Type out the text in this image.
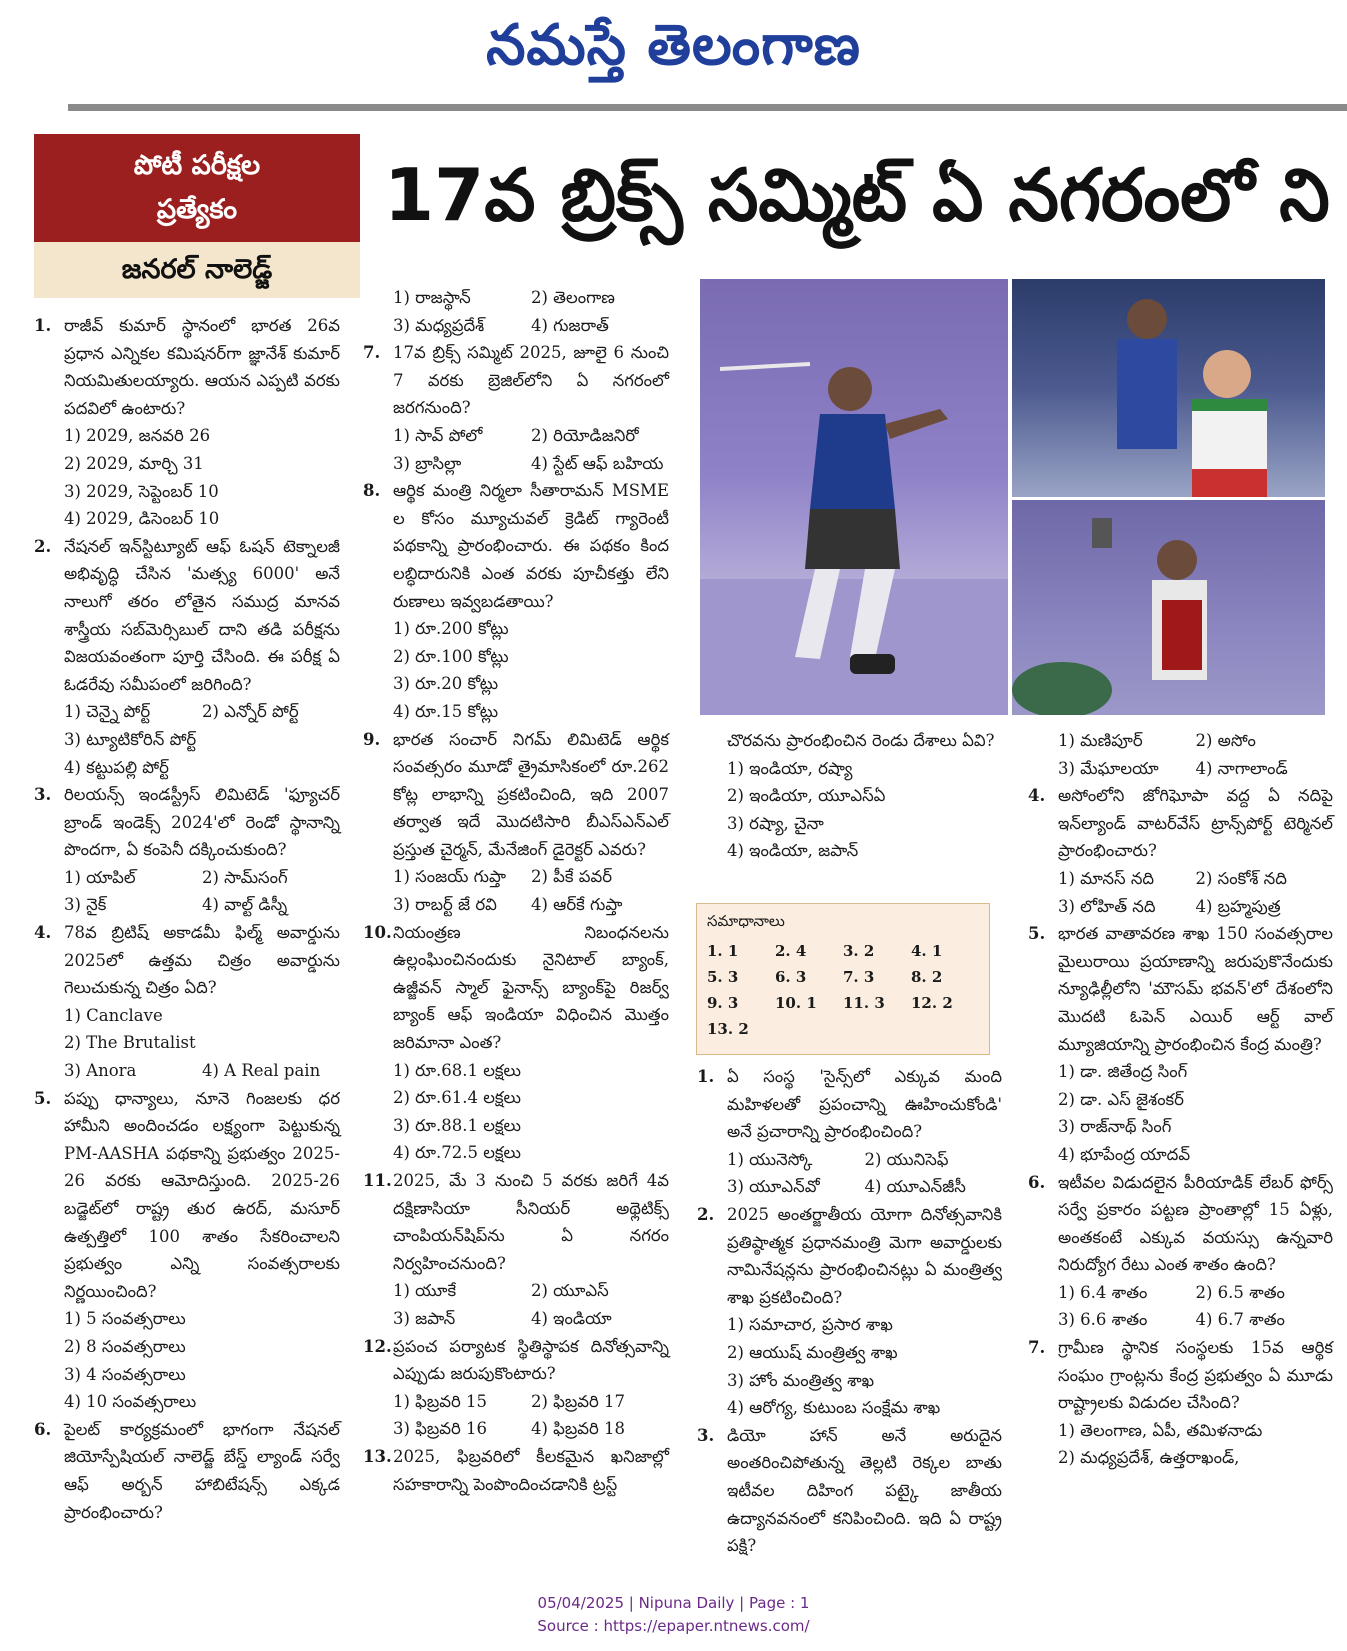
నమస్తే తెలంగాణ
పోటీ పరీక్షల
ప్రత్యేకం
జనరల్ నాలెడ్జ్
17వ బ్రిక్స్ సమ్మిట్ ఏ నగరంలో ని
1. రాజీవ్ కుమార్ స్థానంలో భారత 26వ ప్రధాన ఎన్నికల కమిషనర్‌గా జ్ఞానేశ్ కుమార్ నియమితులయ్యారు. ఆయన ఎప్పటి వరకు పదవిలో ఉంటారు?
1) 2029, జనవరి 26
2) 2029, మార్చి 31
3) 2029, సెప్టెంబర్ 10
4) 2029, డిసెంబర్ 10
2. నేషనల్ ఇన్‌స్టిట్యూట్ ఆఫ్ ఓషన్ టెక్నాలజీ అభివృద్ధి చేసిన 'మత్స్య 6000' అనే నాలుగో తరం లోతైన సముద్ర మానవ శాస్త్రీయ సబ్‌మెర్సిబుల్ దాని తడి పరీక్షను విజయవంతంగా పూర్తి చేసింది. ఈ పరీక్ష ఏ ఓడరేవు సమీపంలో జరిగింది?
1) చెన్నై పోర్ట్	2) ఎన్నోర్ పోర్ట్
3) ట్యూటికోరిన్ పోర్ట్
4) కట్టుపల్లి పోర్ట్
3. రిలయన్స్ ఇండస్ట్రీస్ లిమిటెడ్ 'ఫ్యూచర్ బ్రాండ్ ఇండెక్స్ 2024'లో రెండో స్థానాన్ని పొందగా, ఏ కంపెనీ దక్కించుకుంది?
1) యాపిల్	2) సామ్‌సంగ్
3) నైక్	4) వాల్ట్ డిస్నీ
4. 78వ బ్రిటిష్ అకాడమీ ఫిల్మ్ అవార్డును 2025లో ఉత్తమ చిత్రం అవార్డును గెలుచుకున్న చిత్రం ఏది?
1) Canclave
2) The Brutalist
3) Anora	4) A Real pain
5. పప్పు ధాన్యాలు, నూనె గింజలకు ధర హామీని అందించడం లక్ష్యంగా పెట్టుకున్న PM-AASHA పథకాన్ని ప్రభుత్వం 2025-26 వరకు ఆమోదిస్తుంది. 2025-26 బడ్జెట్‌లో రాష్ట్ర తుర ఉరద్, మసూర్ ఉత్పత్తిలో 100 శాతం సేకరించాలని ప్రభుత్వం ఎన్ని సంవత్సరాలకు నిర్ణయించింది?
1) 5 సంవత్సరాలు
2) 8 సంవత్సరాలు
3) 4 సంవత్సరాలు
4) 10 సంవత్సరాలు
6. పైలట్ కార్యక్రమంలో భాగంగా నేషనల్ జియోస్పేషియల్ నాలెడ్జ్ బేస్డ్ ల్యాండ్ సర్వే ఆఫ్ అర్బన్ హాబిటేషన్స్ ఎక్కడ ప్రారంభించారు?
1) రాజస్థాన్	2) తెలంగాణ
3) మధ్యప్రదేశ్	4) గుజరాత్
7. 17వ బ్రిక్స్ సమ్మిట్ 2025, జూలై 6 నుంచి 7 వరకు బ్రెజిల్‌లోని ఏ నగరంలో జరగనుంది?
1) సావ్ పోలో	2) రియోడిజనిరో
3) బ్రాసిల్లా	4) స్టేట్ ఆఫ్ బహియ
8. ఆర్థిక మంత్రి నిర్మలా సీతారామన్ MSME ల కోసం మ్యూచువల్ క్రెడిట్ గ్యారెంటీ పథకాన్ని ప్రారంభించారు. ఈ పథకం కింద లబ్ధిదారునికి ఎంత వరకు పూచీకత్తు లేని రుణాలు ఇవ్వబడతాయి?
1) రూ.200 కోట్లు
2) రూ.100 కోట్లు
3) రూ.20 కోట్లు
4) రూ.15 కోట్లు
9. భారత సంచార్ నిగమ్ లిమిటెడ్ ఆర్థిక సంవత్సరం మూడో త్రైమాసికంలో రూ.262 కోట్ల లాభాన్ని ప్రకటించింది, ఇది 2007 తర్వాత ఇదే మొదటిసారి బీఎస్ఎన్ఎల్ ప్రస్తుత చైర్మన్, మేనేజింగ్ డైరెక్టర్ ఎవరు?
1) సంజయ్ గుప్తా	2) పీకే పవర్
3) రాబర్ట్ జే రవి	4) ఆర్‌కే గుప్తా
10. నియంత్రణ నిబంధనలను ఉల్లంఘించినందుకు నైనిటాల్ బ్యాంక్, ఉజ్జీవన్ స్మాల్ ఫైనాన్స్ బ్యాంక్‌పై రిజర్వ్ బ్యాంక్ ఆఫ్ ఇండియా విధించిన మొత్తం జరిమానా ఎంత?
1) రూ.68.1 లక్షలు
2) రూ.61.4 లక్షలు
3) రూ.88.1 లక్షలు
4) రూ.72.5 లక్షలు
11. 2025, మే 3 నుంచి 5 వరకు జరిగే 4వ దక్షిణాసియా సీనియర్ అథ్లెటిక్స్ చాంపియన్‌షిప్‌ను ఏ నగరం నిర్వహించనుంది?
1) యూకే	2) యూఎస్
3) జపాన్	4) ఇండియా
12. ప్రపంచ పర్యాటక స్థితిస్థాపక దినోత్సవాన్ని ఎప్పుడు జరుపుకొంటారు?
1) ఫిబ్రవరి 15	2) ఫిబ్రవరి 17
3) ఫిబ్రవరి 16	4) ఫిబ్రవరి 18
13. 2025, ఫిబ్రవరిలో కీలకమైన ఖనిజాల్లో సహకారాన్ని పెంపొందించడానికి ట్రస్ట్
చొరవను ప్రారంభించిన రెండు దేశాలు ఏవి?
1) ఇండియా, రష్యా
2) ఇండియా, యూఎస్ఏ
3) రష్యా, చైనా
4) ఇండియా, జపాన్
సమాధానాలు
1. 1	2. 4	3. 2	4. 1
5. 3	6. 3	7. 3	8. 2
9. 3	10. 1	11. 3	12. 2
13. 2
1. ఏ సంస్థ 'సైన్స్‌లో ఎక్కువ మంది మహిళలతో ప్రపంచాన్ని ఊహించుకోండి' అనే ప్రచారాన్ని ప్రారంభించింది?
1) యునెస్కో	2) యునిసెఫ్
3) యూఎన్‌వో	4) యూఎన్‌జీసీ
2. 2025 అంతర్జాతీయ యోగా దినోత్సవానికి ప్రతిష్ఠాత్మక ప్రధానమంత్రి మెగా అవార్డులకు నామినేషన్లను ప్రారంభించినట్లు ఏ మంత్రిత్వ శాఖ ప్రకటించింది?
1) సమాచార, ప్రసార శాఖ
2) ఆయుష్ మంత్రిత్వ శాఖ
3) హోం మంత్రిత్వ శాఖ
4) ఆరోగ్య, కుటుంబ సంక్షేమ శాఖ
3. డియో హాన్ అనే అరుదైన అంతరించిపోతున్న తెల్లటి రెక్కల బాతు ఇటీవల దిహింగ పట్కై జాతీయ ఉద్యానవనంలో కనిపించింది. ఇది ఏ రాష్ట్ర పక్షి?
1) మణిపూర్	2) అసోం
3) మేఘాలయా	4) నాగాలాండ్
4. అసోంలోని జోగిఘోపా వద్ద ఏ నదిపై ఇన్‌ల్యాండ్ వాటర్‌వేస్ ట్రాన్స్‌పోర్ట్ టెర్మినల్ ప్రారంభించారు?
1) మానస్ నది	2) సంకోశ్ నది
3) లోహిత్ నది	4) బ్రహ్మపుత్ర
5. భారత వాతావరణ శాఖ 150 సంవత్సరాల మైలురాయి ప్రయాణాన్ని జరుపుకొనేందుకు న్యూఢిల్లీలోని 'మౌసమ్ భవన్'లో దేశంలోని మొదటి ఓపెన్ ఎయిర్ ఆర్ట్ వాల్ మ్యూజియాన్ని ప్రారంభించిన కేంద్ర మంత్రి?
1) డా. జితేంద్ర సింగ్
2) డా. ఎస్ జైశంకర్
3) రాజ్‌నాథ్ సింగ్
4) భూపేంద్ర యాదవ్
6. ఇటీవల విడుదలైన పీరియాడిక్ లేబర్ ఫోర్స్ సర్వే ప్రకారం పట్టణ ప్రాంతాల్లో 15 ఏళ్లు, అంతకంటే ఎక్కువ వయస్సు ఉన్నవారి నిరుద్యోగ రేటు ఎంత శాతం ఉంది?
1) 6.4 శాతం	2) 6.5 శాతం
3) 6.6 శాతం	4) 6.7 శాతం
7. గ్రామీణ స్థానిక సంస్థలకు 15వ ఆర్థిక సంఘం గ్రాంట్లను కేంద్ర ప్రభుత్వం ఏ మూడు రాష్ట్రాలకు విడుదల చేసింది?
1) తెలంగాణ, ఏపీ, తమిళనాడు
2) మధ్యప్రదేశ్, ఉత్తరాఖండ్,
05/04/2025 | Nipuna Daily | Page : 1
Source : https://epaper.ntnews.com/
